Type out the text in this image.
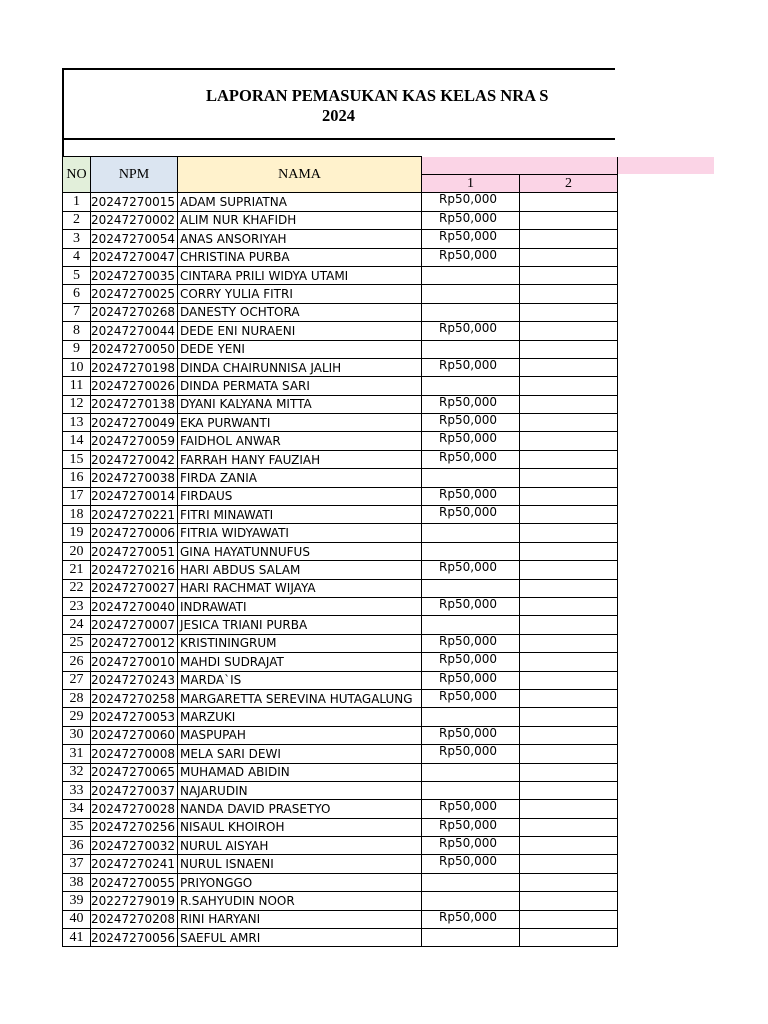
LAPORAN PEMASUKAN KAS KELAS NRA S
2024
NO	NPM	NAMA		
			1	2
1	20247270015	ADAM SUPRIATNA	Rp50,000	
2	20247270002	ALIM NUR KHAFIDH	Rp50,000	
3	20247270054	ANAS ANSORIYAH	Rp50,000	
4	20247270047	CHRISTINA PURBA	Rp50,000	
5	20247270035	CINTARA PRILI WIDYA UTAMI		
6	20247270025	CORRY YULIA FITRI		
7	20247270268	DANESTY OCHTORA		
8	20247270044	DEDE ENI NURAENI	Rp50,000	
9	20247270050	DEDE YENI		
10	20247270198	DINDA CHAIRUNNISA JALIH	Rp50,000	
11	20247270026	DINDA PERMATA SARI		
12	20247270138	DYANI KALYANA MITTA	Rp50,000	
13	20247270049	EKA PURWANTI	Rp50,000	
14	20247270059	FAIDHOL ANWAR	Rp50,000	
15	20247270042	FARRAH HANY FAUZIAH	Rp50,000	
16	20247270038	FIRDA ZANIA		
17	20247270014	FIRDAUS	Rp50,000	
18	20247270221	FITRI MINAWATI	Rp50,000	
19	20247270006	FITRIA WIDYAWATI		
20	20247270051	GINA HAYATUNNUFUS		
21	20247270216	HARI ABDUS SALAM	Rp50,000	
22	20247270027	HARI RACHMAT WIJAYA		
23	20247270040	INDRAWATI	Rp50,000	
24	20247270007	JESICA TRIANI PURBA		
25	20247270012	KRISTININGRUM	Rp50,000	
26	20247270010	MAHDI SUDRAJAT	Rp50,000	
27	20247270243	MARDA`IS	Rp50,000	
28	20247270258	MARGARETTA SEREVINA HUTAGALUNG	Rp50,000	
29	20247270053	MARZUKI		
30	20247270060	MASPUPAH	Rp50,000	
31	20247270008	MELA SARI DEWI	Rp50,000	
32	20247270065	MUHAMAD ABIDIN		
33	20247270037	NAJARUDIN		
34	20247270028	NANDA DAVID PRASETYO	Rp50,000	
35	20247270256	NISAUL KHOIROH	Rp50,000	
36	20247270032	NURUL AISYAH	Rp50,000	
37	20247270241	NURUL ISNAENI	Rp50,000	
38	20247270055	PRIYONGGO		
39	20227279019	R.SAHYUDIN NOOR		
40	20247270208	RINI HARYANI	Rp50,000	
41	20247270056	SAEFUL AMRI		
